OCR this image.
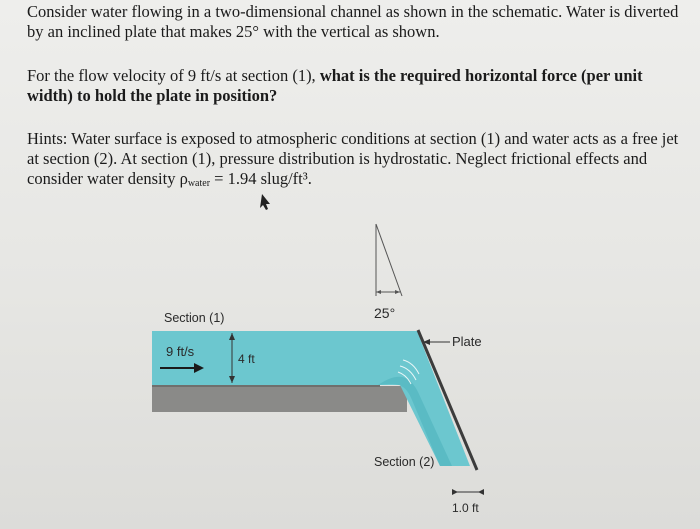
Consider water flowing in a two-dimensional channel as shown in the schematic. Water is diverted by an inclined plate that makes 25° with the vertical as shown.

For the flow velocity of 9 ft/s at section (1), what is the required horizontal force (per unit width) to hold the plate in position?

Hints: Water surface is exposed to atmospheric conditions at section (1) and water acts as a free jet at section (2). At section (1), pressure distribution is hydrostatic. Neglect frictional effects and consider water density $\rho_{water} = 1.94$ slug/ft³.

25°
Section (1)
9 ft/s	4 ft
Plate
Section (2)
1.0 ft
